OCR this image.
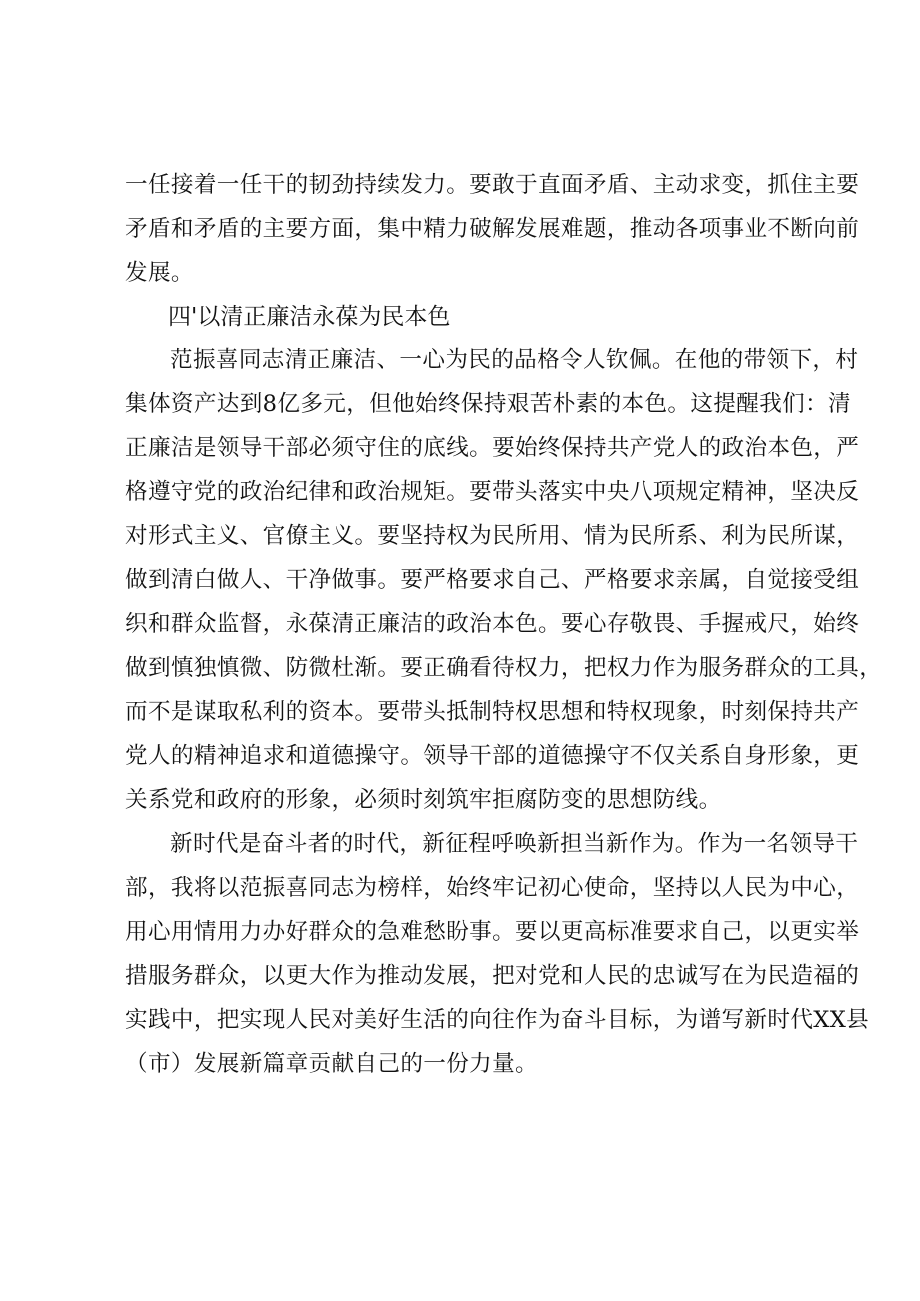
一任接着一任干的韧劲持续发力。要敢于直面矛盾、主动求变，抓住主要
矛盾和矛盾的主要方面，集中精力破解发展难题，推动各项事业不断向前
发展。
四'以清正廉洁永葆为民本色
范振喜同志清正廉洁、一心为民的品格令人钦佩。在他的带领下，村
集体资产达到8亿多元，但他始终保持艰苦朴素的本色。这提醒我们：清
正廉洁是领导干部必须守住的底线。要始终保持共产党人的政治本色，严
格遵守党的政治纪律和政治规矩。要带头落实中央八项规定精神，坚决反
对形式主义、官僚主义。要坚持权为民所用、情为民所系、利为民所谋，
做到清白做人、干净做事。要严格要求自己、严格要求亲属，自觉接受组
织和群众监督，永葆清正廉洁的政治本色。要心存敬畏、手握戒尺，始终
做到慎独慎微、防微杜渐。要正确看待权力，把权力作为服务群众的工具，
而不是谋取私利的资本。要带头抵制特权思想和特权现象，时刻保持共产
党人的精神追求和道德操守。领导干部的道德操守不仅关系自身形象，更
关系党和政府的形象，必须时刻筑牢拒腐防变的思想防线。
新时代是奋斗者的时代，新征程呼唤新担当新作为。作为一名领导干
部，我将以范振喜同志为榜样，始终牢记初心使命，坚持以人民为中心，
用心用情用力办好群众的急难愁盼事。要以更高标准要求自己，以更实举
措服务群众，以更大作为推动发展，把对党和人民的忠诚写在为民造福的
实践中，把实现人民对美好生活的向往作为奋斗目标，为谱写新时代XX县
（市）发展新篇章贡献自己的一份力量。
